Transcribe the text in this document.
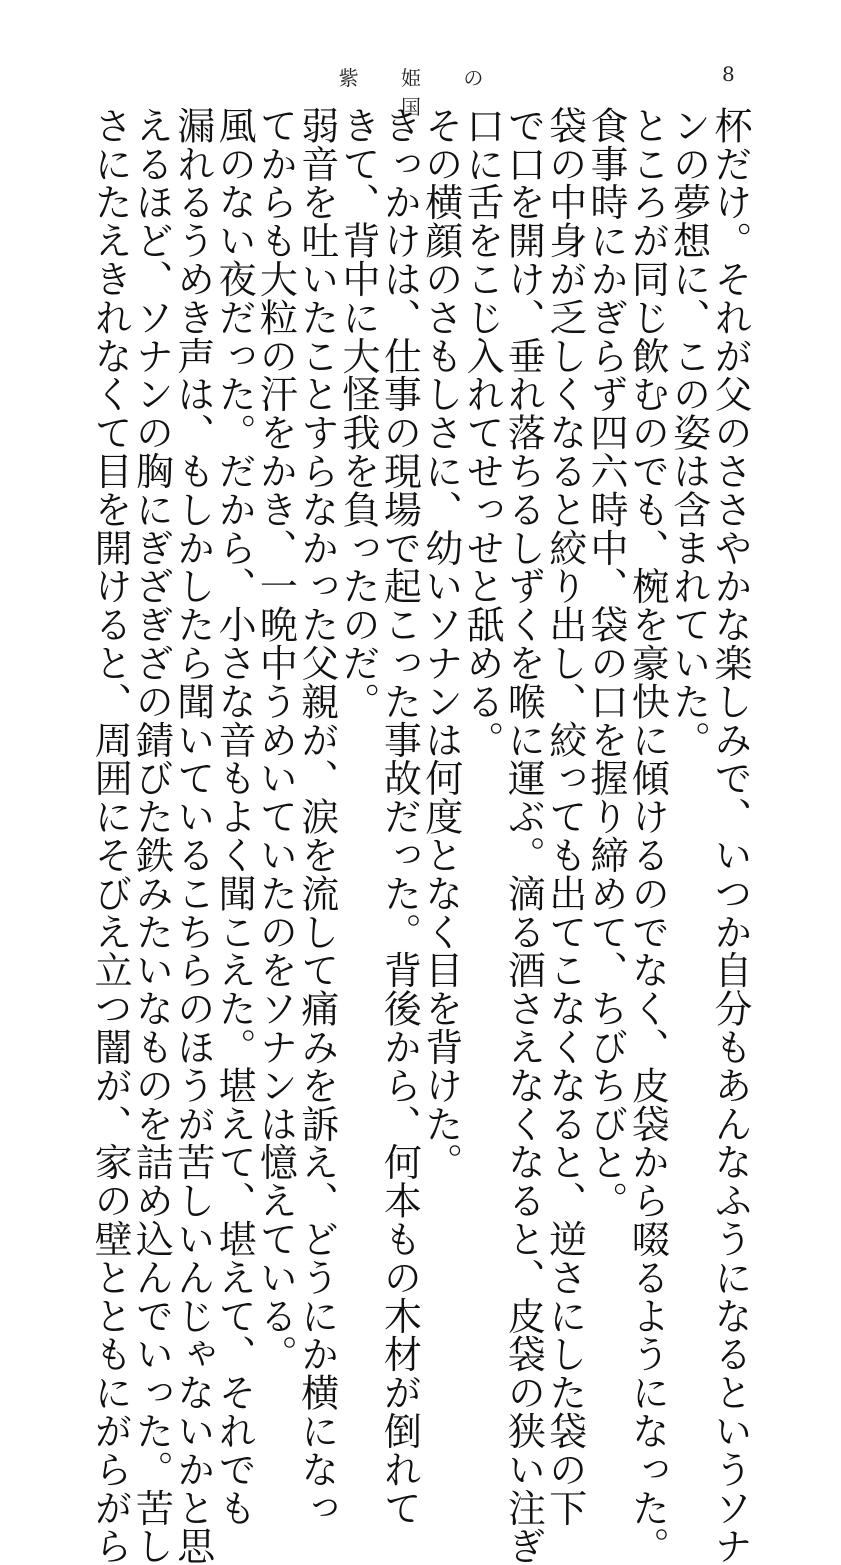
紫 姫 の 国
8
杯だけ。それが父のささやかな楽しみで、いつか自分もあんなふうになるというソナ
ンの夢想に、この姿は含まれていた。
ところが同じ飲むのでも、椀を豪快に傾けるのでなく、皮袋から啜るようになった。
食事時にかぎらず四六時中、袋の口を握り締めて、ちびちびと。
袋の中身が乏しくなると絞り出し、絞っても出てこなくなると、逆さにした袋の下
で口を開け、垂れ落ちるしずくを喉に運ぶ。滴る酒さえなくなると、皮袋の狭い注ぎ
口に舌をこじ入れてせっせと舐める。
その横顔のさもしさに、幼いソナンは何度となく目を背けた。
きっかけは、仕事の現場で起こった事故だった。背後から、何本もの木材が倒れて
きて、背中に大怪我を負ったのだ。
弱音を吐いたことすらなかった父親が、涙を流して痛みを訴え、どうにか横になっ
てからも大粒の汗をかき、一晩中うめいていたのをソナンは憶えている。
風のない夜だった。だから、小さな音もよく聞こえた。堪えて、堪えて、それでも
漏れるうめき声は、もしかしたら聞いているこちらのほうが苦しいんじゃないかと思
えるほど、ソナンの胸にぎざぎざの錆びた鉄みたいなものを詰め込んでいった。苦し
さにたえきれなくて目を開けると、周囲にそびえ立つ闇が、家の壁とともにがらがら
